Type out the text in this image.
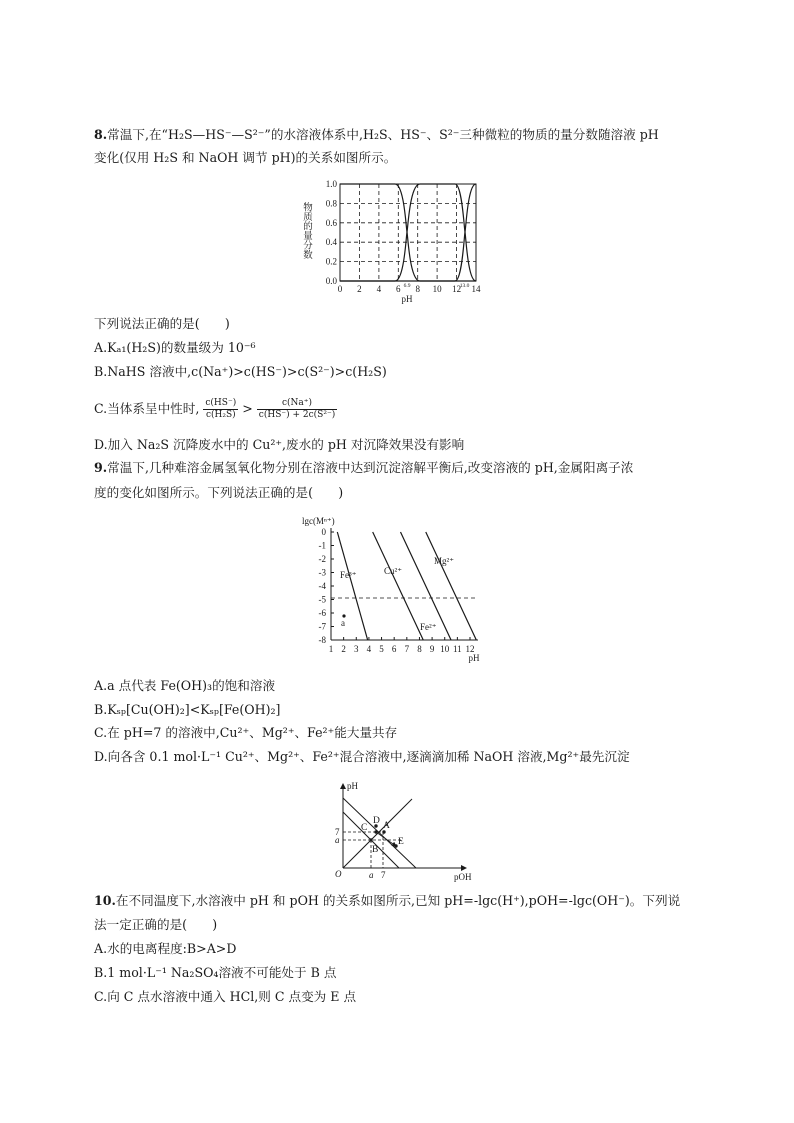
8.常温下,在“H₂S—HS⁻—S²⁻”的水溶液体系中,H₂S、HS⁻、S²⁻三种微粒的物质的量分数随溶液 pH
变化(仅用 H₂S 和 NaOH 调节 pH)的关系如图所示。
物质的量分数
1.0
0.8
0.6
0.4
0.2
0.0
0 2 4 6 8 10 12 14
6.9	13.0
pH
下列说法正确的是(　　)
A.Kₐ₁(H₂S)的数量级为 10⁻⁶
B.NaHS 溶液中,c(Na⁺)>c(HS⁻)>c(S²⁻)>c(H₂S)
C.当体系呈中性时, $\frac{c(HS^-)}{\text{c(H₂S)}} > \frac{c(Na^+)}{\text{c(HS⁻) + 2c(S²⁻)}}$
D.加入 Na₂S 沉降废水中的 Cu²⁺,废水的 pH 对沉降效果没有影响
9.常温下,几种难溶金属氢氧化物分别在溶液中达到沉淀溶解平衡后,改变溶液的 pH,金属阳离子浓
度的变化如图所示。下列说法正确的是(　　)
lgc(Mⁿ⁺)
0
-1
-2
-3
-4
-5
-6
-7
-8
1 2 3 4 5 6 7 8 9 10 11 12
Fe³⁺	Cu²⁺
Mg²⁺
Fe²⁺
a
pH
A.a 点代表 Fe(OH)₃的饱和溶液
B.Kₛₚ[Cu(OH)₂]<Kₛₚ[Fe(OH)₂]
C.在 pH=7 的溶液中,Cu²⁺、Mg²⁺、Fe²⁺能大量共存
D.向各含 0.1 mol·L⁻¹ Cu²⁺、Mg²⁺、Fe²⁺混合溶液中,逐滴滴加稀 NaOH 溶液,Mg²⁺最先沉淀
pH
O
D A
C
B
E
7
a
a 7	pOH
10.在不同温度下,水溶液中 pH 和 pOH 的关系如图所示,已知 pH=-lgc(H⁺),pOH=-lgc(OH⁻)。下列说
法一定正确的是(　　)
A.水的电离程度:B>A>D
B.1 mol·L⁻¹ Na₂SO₄溶液不可能处于 B 点
C.向 C 点水溶液中通入 HCl,则 C 点变为 E 点
